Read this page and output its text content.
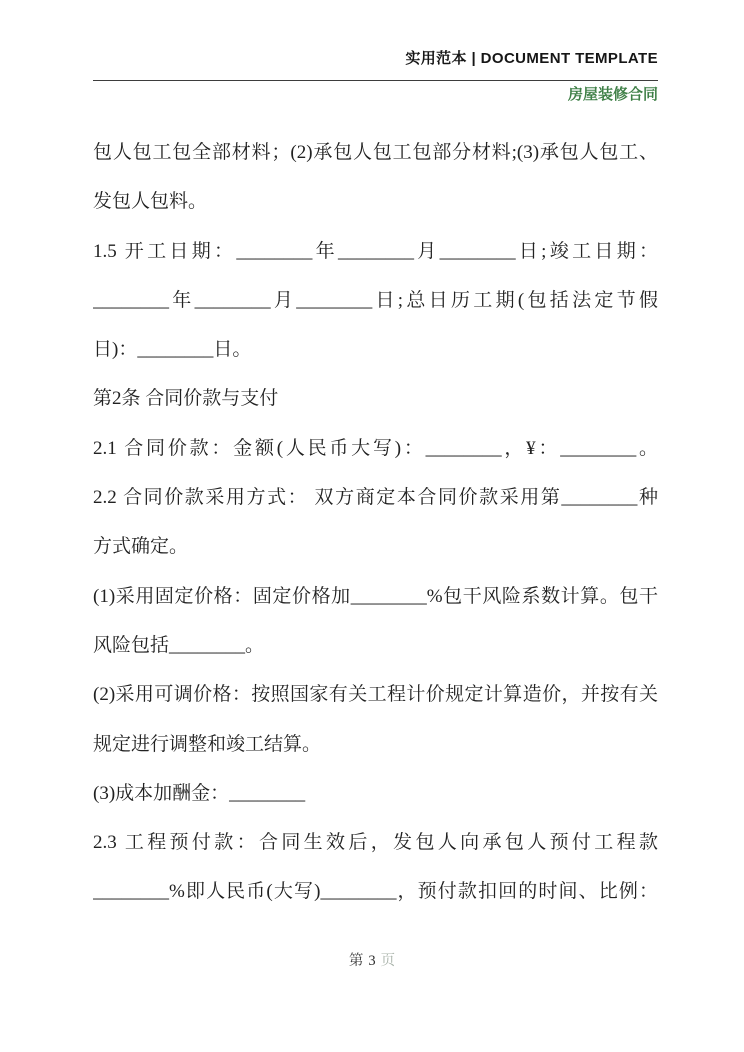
实用范本 | DOCUMENT TEMPLATE
房屋装修合同
包人包工包全部材料；(2)承包人包工包部分材料;(3)承包人包工、
发包人包料。
1.5 开工日期：________年________月________日;竣工日期：
________年________月________日;总日历工期(包括法定节假
日)：________日。
第2条 合同价款与支付
2.1 合同价款：金额(人民币大写)：________，¥：________。
2.2 合同价款采用方式： 双方商定本合同价款采用第________种
方式确定。
(1)采用固定价格：固定价格加________%包干风险系数计算。包干
风险包括________。
(2)采用可调价格：按照国家有关工程计价规定计算造价，并按有关
规定进行调整和竣工结算。
(3)成本加酬金：________
2.3 工程预付款：合同生效后，发包人向承包人预付工程款
________%即人民币(大写)________，预付款扣回的时间、比例：
第 3 页
